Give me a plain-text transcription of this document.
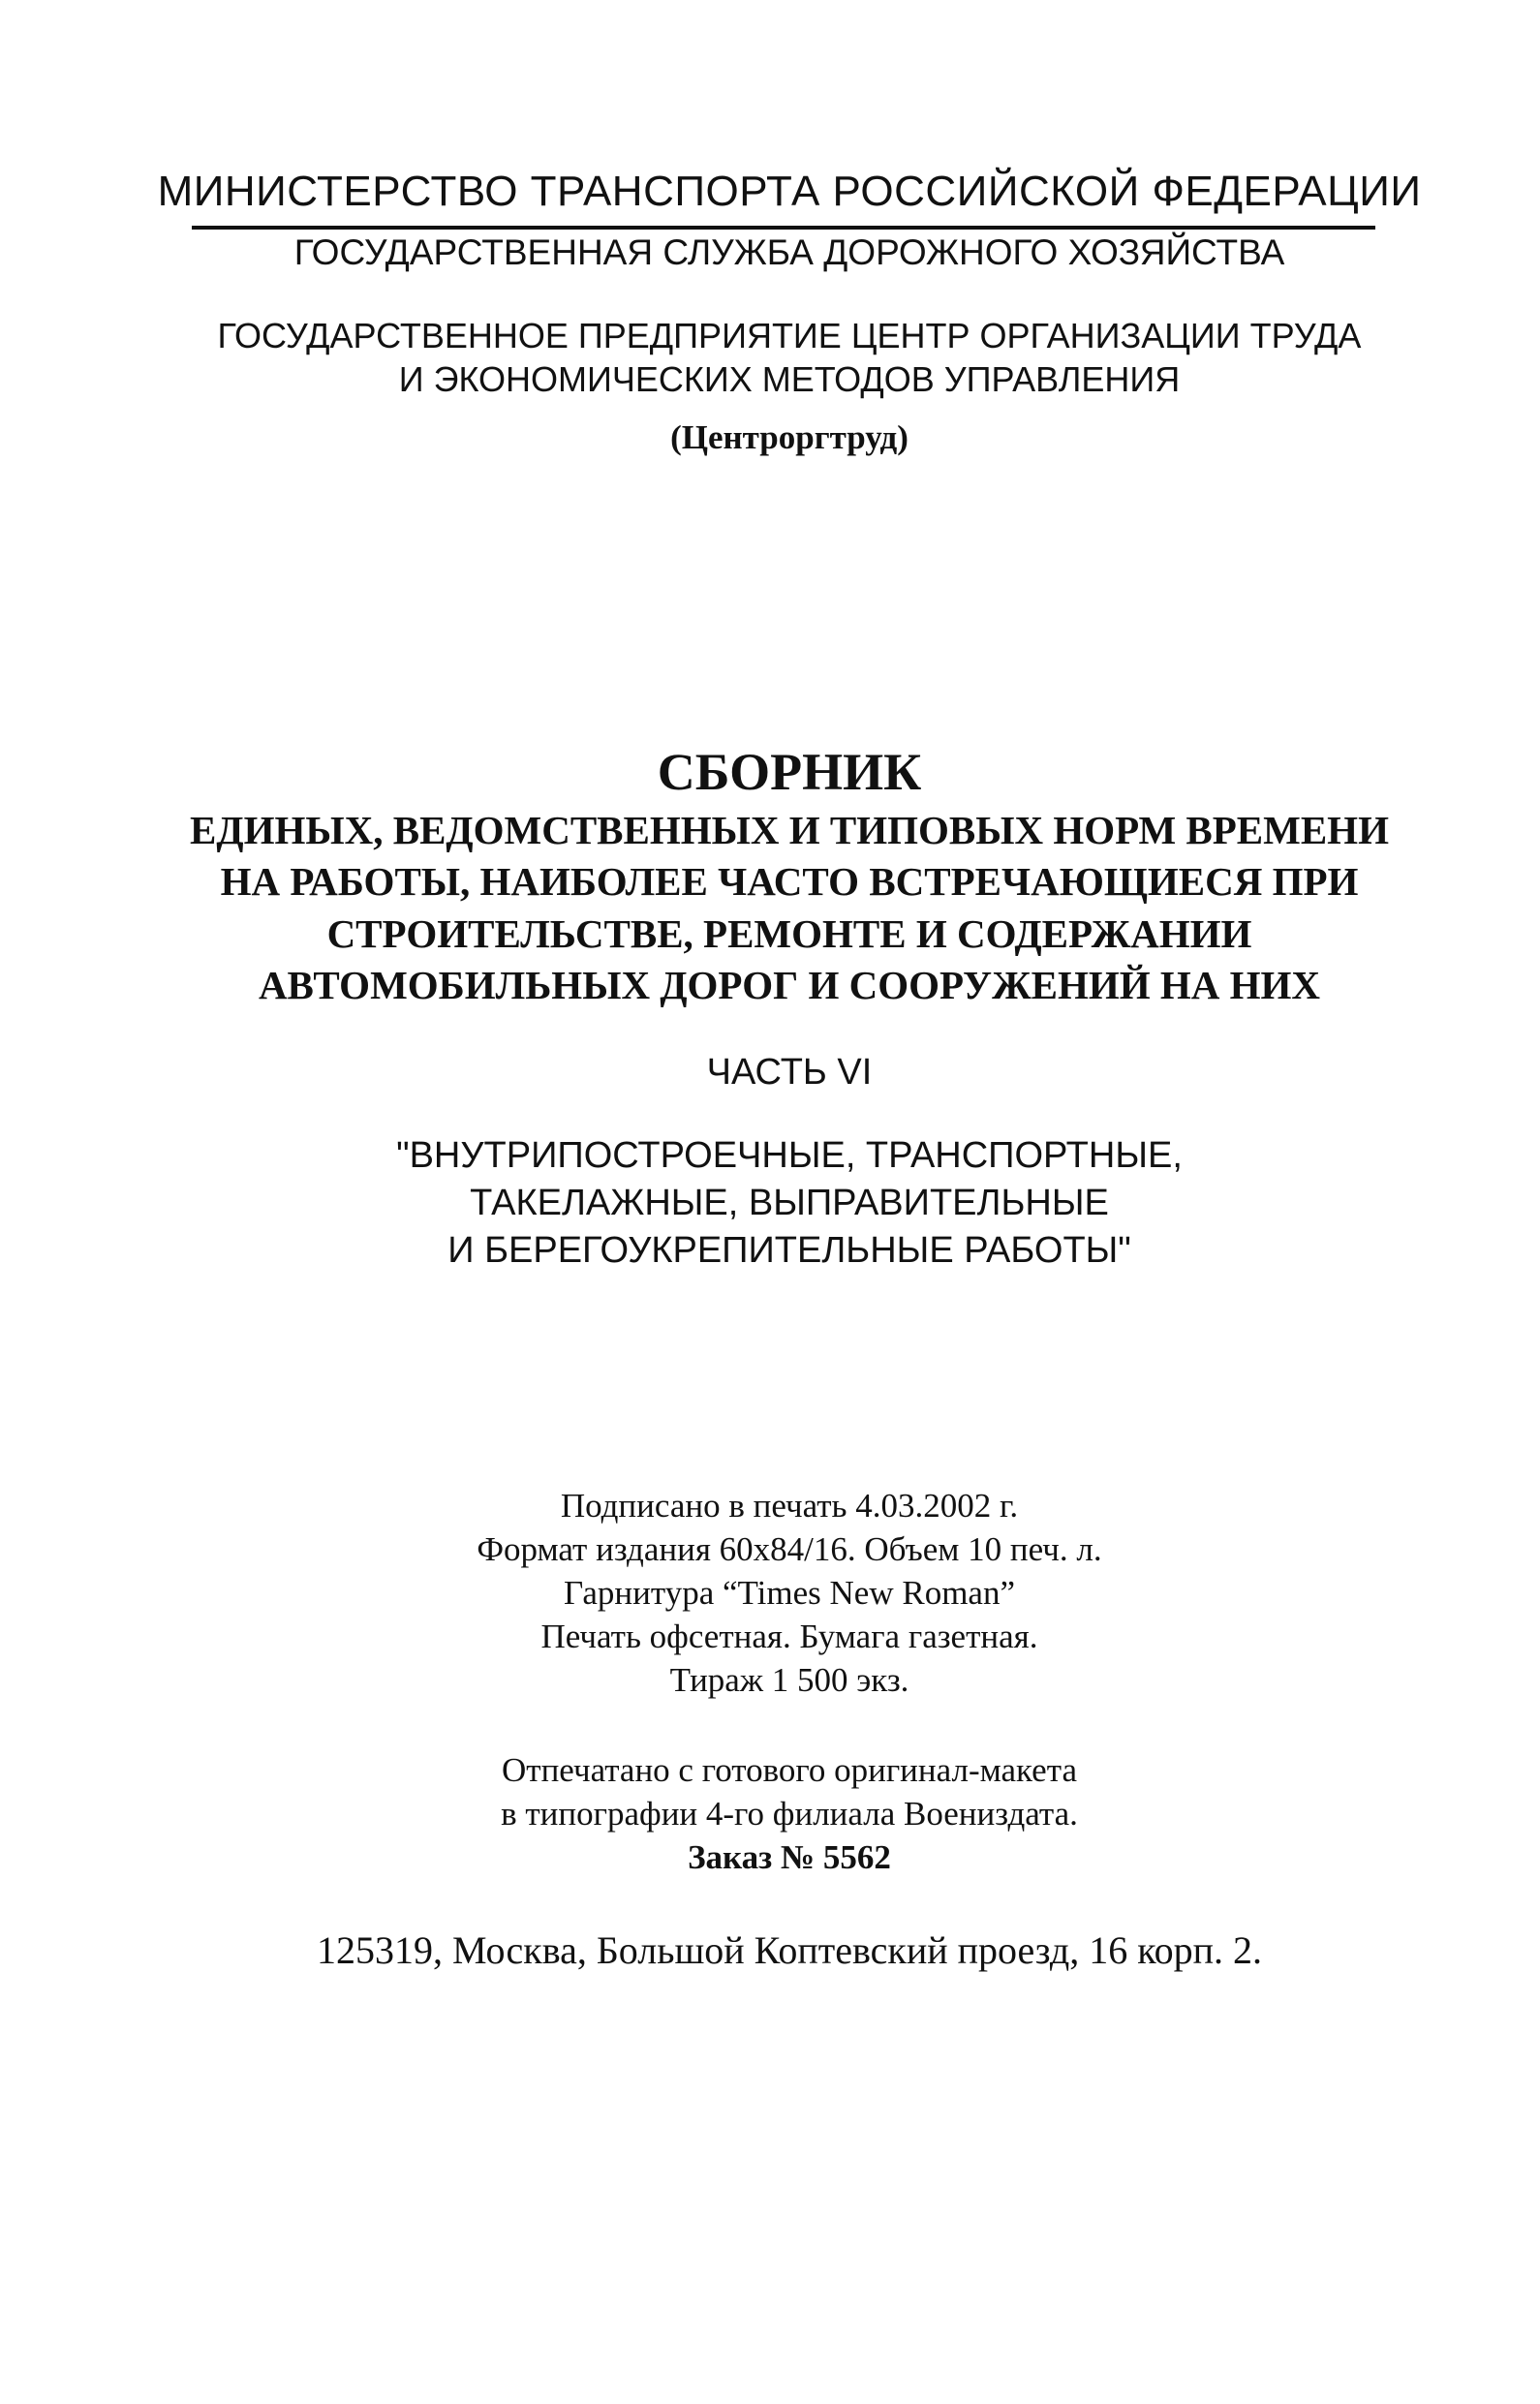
МИНИСТЕРСТВО ТРАНСПОРТА РОССИЙСКОЙ ФЕДЕРАЦИИ
ГОСУДАРСТВЕННАЯ СЛУЖБА ДОРОЖНОГО ХОЗЯЙСТВА
ГОСУДАРСТВЕННОЕ ПРЕДПРИЯТИЕ ЦЕНТР ОРГАНИЗАЦИИ ТРУДА
И ЭКОНОМИЧЕСКИХ МЕТОДОВ УПРАВЛЕНИЯ
(Центроргтруд)
СБОРНИК
ЕДИНЫХ, ВЕДОМСТВЕННЫХ И ТИПОВЫХ НОРМ ВРЕМЕНИ
НА РАБОТЫ, НАИБОЛЕЕ ЧАСТО ВСТРЕЧАЮЩИЕСЯ ПРИ
СТРОИТЕЛЬСТВЕ, РЕМОНТЕ И СОДЕРЖАНИИ
АВТОМОБИЛЬНЫХ ДОРОГ И СООРУЖЕНИЙ НА НИХ
ЧАСТЬ VI
"ВНУТРИПОСТРОЕЧНЫЕ, ТРАНСПОРТНЫЕ,
ТАКЕЛАЖНЫЕ, ВЫПРАВИТЕЛЬНЫЕ
И БЕРЕГОУКРЕПИТЕЛЬНЫЕ РАБОТЫ"
Подписано в печать 4.03.2002 г.
Формат издания 60х84/16. Объем 10 печ. л.
Гарнитура “Times New Roman”
Печать офсетная. Бумага газетная.
Тираж 1 500 экз.
Отпечатано с готового оригинал-макета
в типографии 4-го филиала Воениздата.
Заказ № 5562
125319, Москва, Большой Коптевский проезд, 16 корп. 2.
